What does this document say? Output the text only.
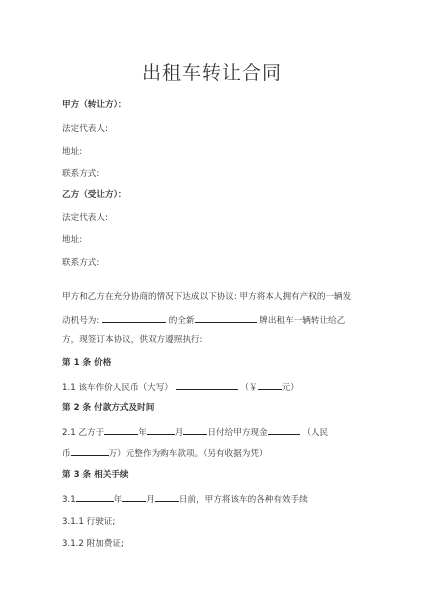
出租车转让合同
甲方（转让方）：
法定代表人:
地址:
联系方式:
乙方（受让方）：
法定代表人:
地址:
联系方式:
甲方和乙方在充分协商的情况下达成以下协议: 甲方将本人拥有产权的一辆发
动机号为:	的全新	牌出租车一辆转让给乙
方，现签订本协议，供双方遵照执行:
第 1 条 价格
1.1 该车作价人民币（大写）	（￥	元）
第 2 条 付款方式及时间
2.1 乙方于	年	月	日付给甲方现金	（人民
币	万）元整作为购车款项。（另有收据为凭）
第 3 条 相关手续
3.1	年	月	日前，甲方将该车的各种有效手续
3.1.1 行驶证;
3.1.2 附加费证;
